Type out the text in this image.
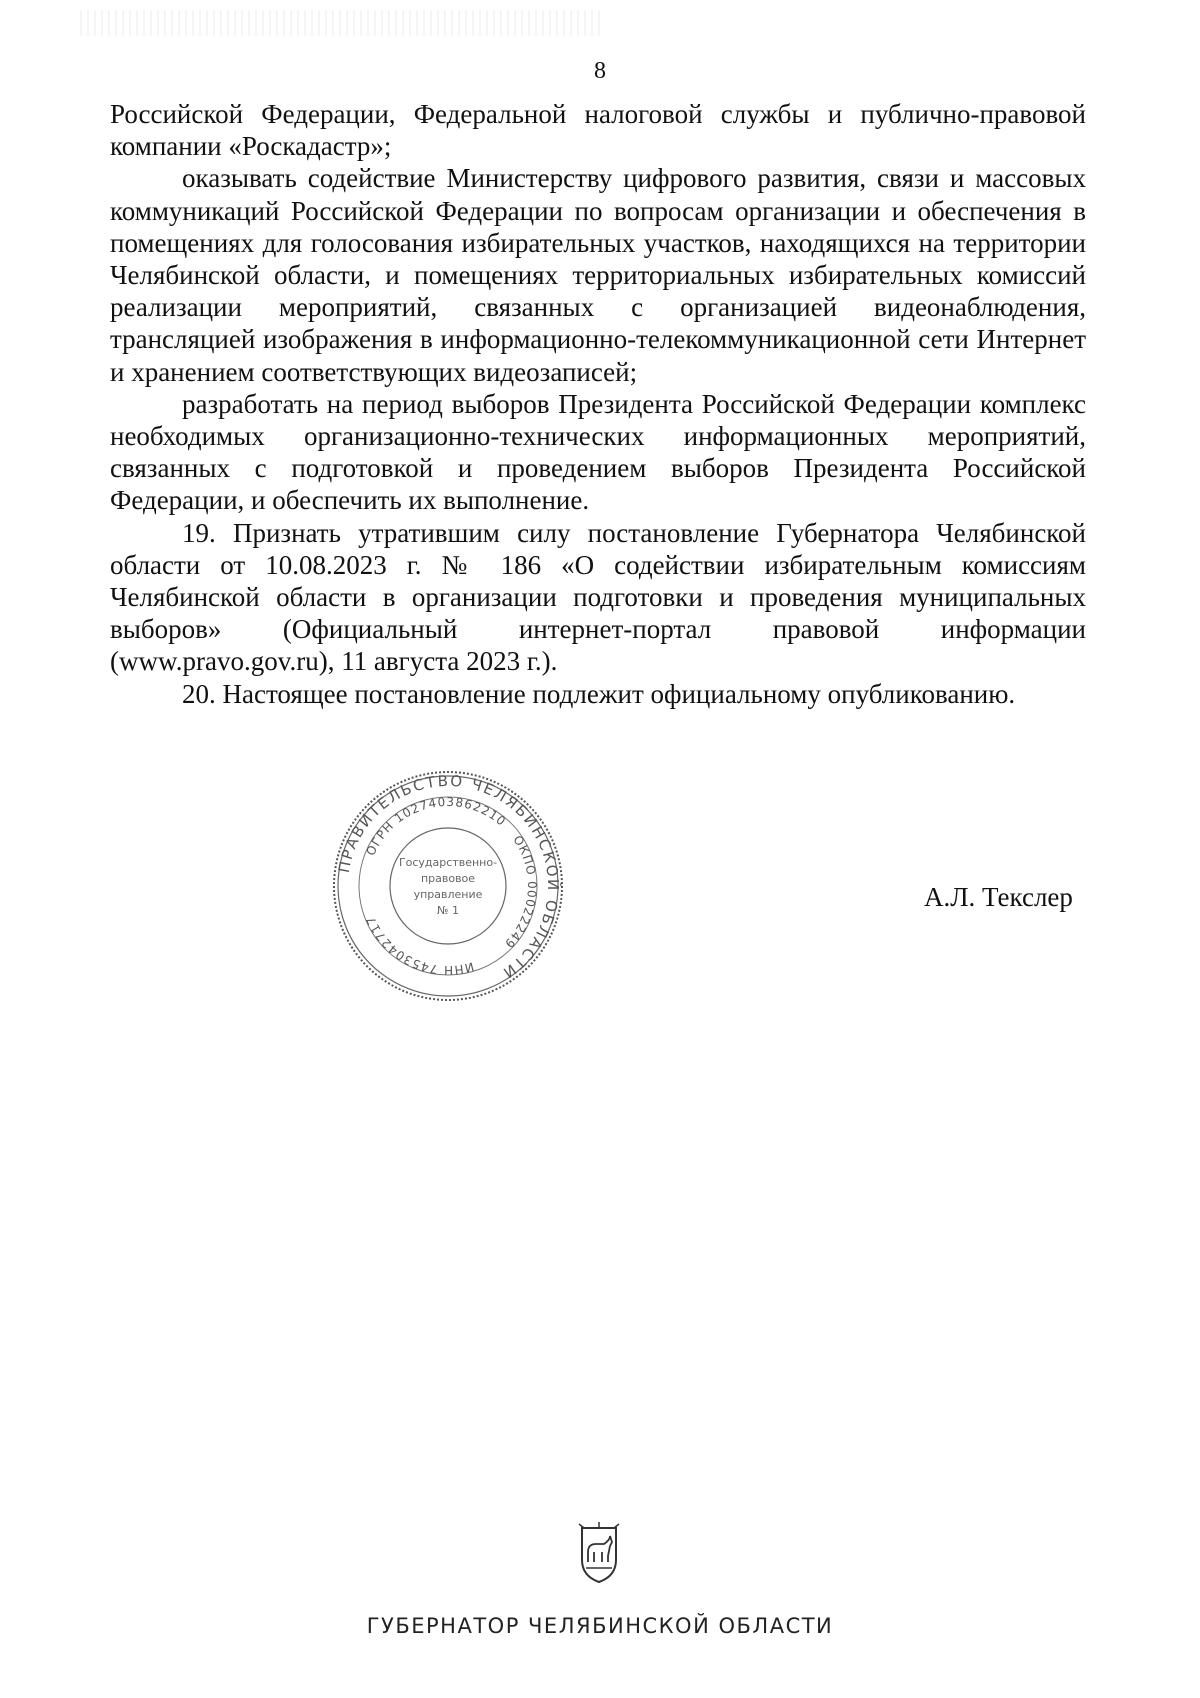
8

Российской Федерации, Федеральной налоговой службы и публично-правовой компании «Роскадастр»;

оказывать содействие Министерству цифрового развития, связи и массовых коммуникаций Российской Федерации по вопросам организации и обеспечения в помещениях для голосования избирательных участков, находящихся на территории Челябинской области, и помещениях территориальных избирательных комиссий реализации мероприятий, связанных с организацией видеонаблюдения, трансляцией изображения в информационно-телекоммуникационной сети Интернет и хранением соответствующих видеозаписей;

разработать на период выборов Президента Российской Федерации комплекс необходимых организационно-технических информационных мероприятий, связанных с подготовкой и проведением выборов Президента Российской Федерации, и обеспечить их выполнение.

19. Признать утратившим силу постановление Губернатора Челябинской области от 10.08.2023 г. № 186 «О содействии избирательным комиссиям Челябинской области в организации подготовки и проведения муниципальных выборов» (Официальный интернет-портал правовой информации (www.pravo.gov.ru), 11 августа 2023 г.).

20. Настоящее постановление подлежит официальному опубликованию.

ПРАВИТЕЛЬСТВО ЧЕЛЯБИНСКОЙ ОБЛАСТИ
ОГРН 1027403862210
ОКПО 00022249
ИНН 7453042717
Государственно-
правовое
управление
№ 1	А.Л. Текслер
ГУБЕРНАТОР ЧЕЛЯБИНСКОЙ ОБЛАСТИ
